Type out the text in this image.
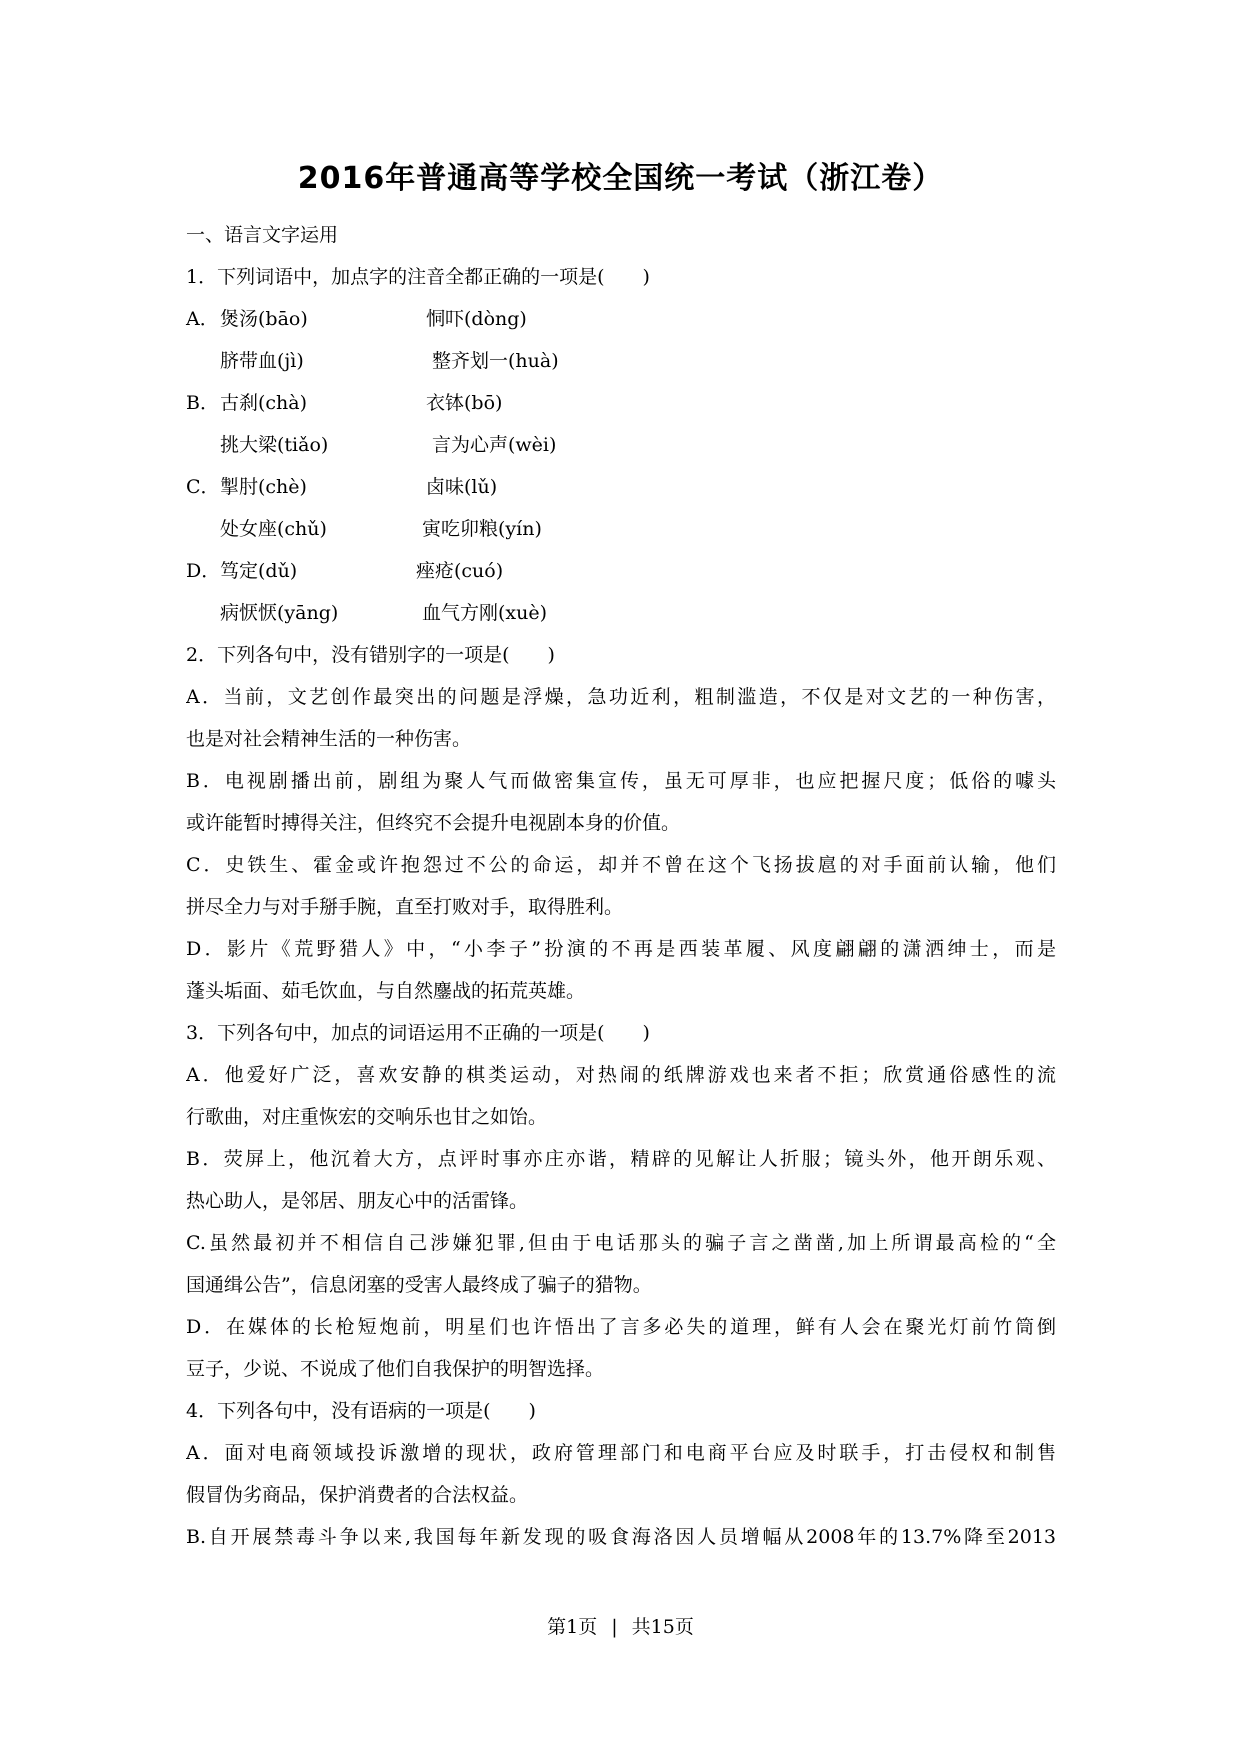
2016年普通高等学校全国统一考试（浙江卷）
一、语言文字运用
1．下列词语中，加点字的注音全都正确的一项是(　　)
A． 煲汤(bāo)	恫吓(dòng)
脐带血(jì)	整齐划一(huà)
B． 古刹(chà)	衣钵(bō)
挑大梁(tiǎo)	言为心声(wèi)
C． 掣肘(chè)	卤味(lǔ)
处女座(chǔ)	寅吃卯粮(yín)
D． 笃定(dǔ)	痤疮(cuó)
病恹恹(yāng)	血气方刚(xuè)
2．下列各句中，没有错别字的一项是(　　)
A．当前，文艺创作最突出的问题是浮燥，急功近利，粗制滥造，不仅是对文艺的一种伤害，
也是对社会精神生活的一种伤害。
B．电视剧播出前，剧组为聚人气而做密集宣传，虽无可厚非，也应把握尺度；低俗的噱头
或许能暂时搏得关注，但终究不会提升电视剧本身的价值。
C．史铁生、霍金或许抱怨过不公的命运，却并不曾在这个飞扬拔扈的对手面前认输，他们
拼尽全力与对手掰手腕，直至打败对手，取得胜利。
D．影片《荒野猎人》中，“小李子”扮演的不再是西装革履、风度翩翩的潇洒绅士，而是
蓬头垢面、茹毛饮血，与自然鏖战的拓荒英雄。
3．下列各句中，加点的词语运用不正确的一项是(　　)
A．他爱好广泛，喜欢安静的棋类运动，对热闹的纸牌游戏也来者不拒；欣赏通俗感性的流
行歌曲，对庄重恢宏的交响乐也甘之如饴。
B．荧屏上，他沉着大方，点评时事亦庄亦谐，精辟的见解让人折服；镜头外，他开朗乐观、
热心助人，是邻居、朋友心中的活雷锋。
C.虽然最初并不相信自己涉嫌犯罪,但由于电话那头的骗子言之凿凿,加上所谓最高检的“全
国通缉公告”，信息闭塞的受害人最终成了骗子的猎物。
D．在媒体的长枪短炮前，明星们也许悟出了言多必失的道理，鲜有人会在聚光灯前竹筒倒
豆子，少说、不说成了他们自我保护的明智选择。
4．下列各句中，没有语病的一项是(　　)
A．面对电商领域投诉激增的现状，政府管理部门和电商平台应及时联手，打击侵权和制售
假冒伪劣商品，保护消费者的合法权益。
B.自开展禁毒斗争以来,我国每年新发现的吸食海洛因人员增幅从2008年的13.7%降至2013
第1页 | 共15页
